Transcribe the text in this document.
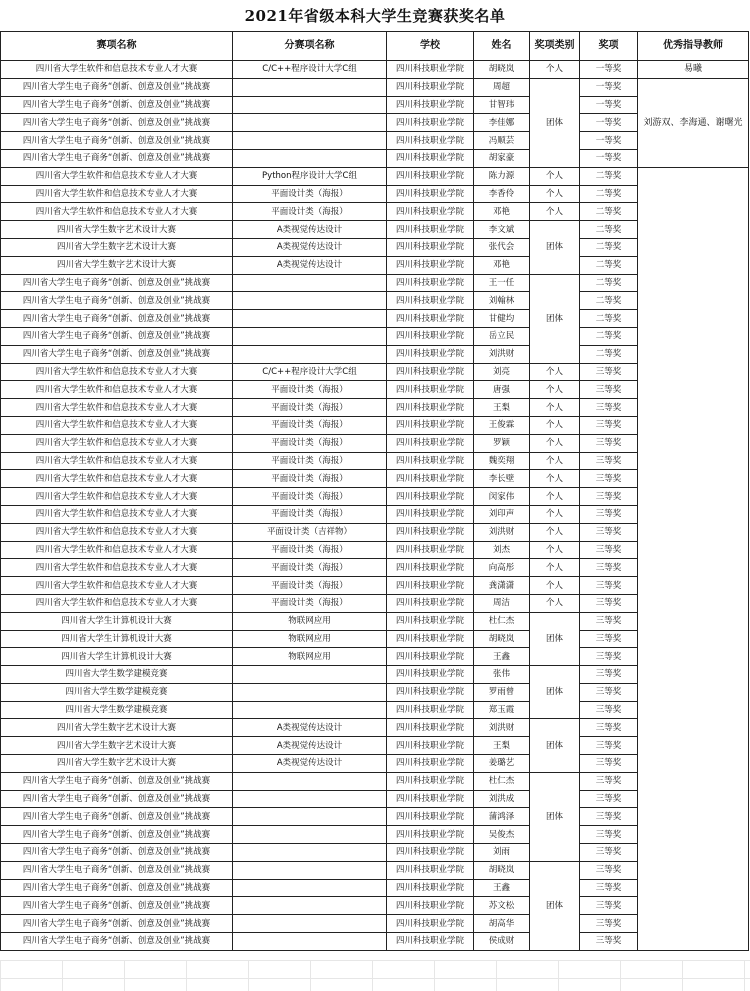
2021年省级本科大学生竞赛获奖名单
赛项名称	分赛项名称	学校	姓名	奖项类别	奖项	优秀指导教师
四川省大学生软件和信息技术专业人才大赛	C/C++程序设计大学C组	四川科技职业学院	胡晓岚	个人	一等奖	易曦
四川省大学生电子商务“创新、创意及创业”挑战赛		四川科技职业学院	周超	团体	一等奖	刘游双、李海通、谢曙光
四川省大学生电子商务“创新、创意及创业”挑战赛		四川科技职业学院	甘智玮		一等奖	
四川省大学生电子商务“创新、创意及创业”挑战赛		四川科技职业学院	李佳娜		一等奖	
四川省大学生电子商务“创新、创意及创业”挑战赛		四川科技职业学院	冯顺芸		一等奖	
四川省大学生电子商务“创新、创意及创业”挑战赛		四川科技职业学院	胡家豪		一等奖	
四川省大学生软件和信息技术专业人才大赛	Python程序设计大学C组	四川科技职业学院	陈力源	个人	二等奖	
四川省大学生软件和信息技术专业人才大赛	平面设计类（海报）	四川科技职业学院	李香伶	个人	二等奖	
四川省大学生软件和信息技术专业人才大赛	平面设计类（海报）	四川科技职业学院	邓艳	个人	二等奖	
四川省大学生数字艺术设计大赛	A类视觉传达设计	四川科技职业学院	李文斌	团体	二等奖	
四川省大学生数字艺术设计大赛	A类视觉传达设计	四川科技职业学院	张代会		二等奖	
四川省大学生数字艺术设计大赛	A类视觉传达设计	四川科技职业学院	邓艳		二等奖	
四川省大学生电子商务“创新、创意及创业”挑战赛		四川科技职业学院	王一任	团体	二等奖	
四川省大学生电子商务“创新、创意及创业”挑战赛		四川科技职业学院	刘翰林		二等奖	
四川省大学生电子商务“创新、创意及创业”挑战赛		四川科技职业学院	甘健均		二等奖	
四川省大学生电子商务“创新、创意及创业”挑战赛		四川科技职业学院	岳立民		二等奖	
四川省大学生电子商务“创新、创意及创业”挑战赛		四川科技职业学院	刘洪财		二等奖	
四川省大学生软件和信息技术专业人才大赛	C/C++程序设计大学C组	四川科技职业学院	刘亮	个人	三等奖	
四川省大学生软件和信息技术专业人才大赛	平面设计类（海报）	四川科技职业学院	唐强	个人	三等奖	
四川省大学生软件和信息技术专业人才大赛	平面设计类（海报）	四川科技职业学院	王梨	个人	三等奖	
四川省大学生软件和信息技术专业人才大赛	平面设计类（海报）	四川科技职业学院	王俊霖	个人	三等奖	
四川省大学生软件和信息技术专业人才大赛	平面设计类（海报）	四川科技职业学院	罗颖	个人	三等奖	
四川省大学生软件和信息技术专业人才大赛	平面设计类（海报）	四川科技职业学院	魏奕翔	个人	三等奖	
四川省大学生软件和信息技术专业人才大赛	平面设计类（海报）	四川科技职业学院	李长壁	个人	三等奖	
四川省大学生软件和信息技术专业人才大赛	平面设计类（海报）	四川科技职业学院	闵家伟	个人	三等奖	
四川省大学生软件和信息技术专业人才大赛	平面设计类（海报）	四川科技职业学院	刘印声	个人	三等奖	
四川省大学生软件和信息技术专业人才大赛	平面设计类（吉祥物）	四川科技职业学院	刘洪财	个人	三等奖	
四川省大学生软件和信息技术专业人才大赛	平面设计类（海报）	四川科技职业学院	刘杰	个人	三等奖	
四川省大学生软件和信息技术专业人才大赛	平面设计类（海报）	四川科技职业学院	向高彤	个人	三等奖	
四川省大学生软件和信息技术专业人才大赛	平面设计类（海报）	四川科技职业学院	龚潇潇	个人	三等奖	
四川省大学生软件和信息技术专业人才大赛	平面设计类（海报）	四川科技职业学院	周洁	个人	三等奖	
四川省大学生计算机设计大赛	物联网应用	四川科技职业学院	杜仁杰	团体	三等奖	
四川省大学生计算机设计大赛	物联网应用	四川科技职业学院	胡晓岚		三等奖	
四川省大学生计算机设计大赛	物联网应用	四川科技职业学院	王鑫		三等奖	
四川省大学生数学建模竞赛		四川科技职业学院	张伟	团体	三等奖	
四川省大学生数学建模竞赛		四川科技职业学院	罗雨曾		三等奖	
四川省大学生数学建模竞赛		四川科技职业学院	郑玉霞		三等奖	
四川省大学生数字艺术设计大赛	A类视觉传达设计	四川科技职业学院	刘洪财	团体	三等奖	
四川省大学生数字艺术设计大赛	A类视觉传达设计	四川科技职业学院	王梨		三等奖	
四川省大学生数字艺术设计大赛	A类视觉传达设计	四川科技职业学院	姜璐艺		三等奖	
四川省大学生电子商务“创新、创意及创业”挑战赛		四川科技职业学院	杜仁杰	团体	三等奖	
四川省大学生电子商务“创新、创意及创业”挑战赛		四川科技职业学院	刘洪成		三等奖	
四川省大学生电子商务“创新、创意及创业”挑战赛		四川科技职业学院	蒲鸿泽		三等奖	
四川省大学生电子商务“创新、创意及创业”挑战赛		四川科技职业学院	吴俊杰		三等奖	
四川省大学生电子商务“创新、创意及创业”挑战赛		四川科技职业学院	刘雨		三等奖	
四川省大学生电子商务“创新、创意及创业”挑战赛		四川科技职业学院	胡晓岚	团体	三等奖	
四川省大学生电子商务“创新、创意及创业”挑战赛		四川科技职业学院	王鑫		三等奖	
四川省大学生电子商务“创新、创意及创业”挑战赛		四川科技职业学院	苏文松		三等奖	
四川省大学生电子商务“创新、创意及创业”挑战赛		四川科技职业学院	胡高华		三等奖	
四川省大学生电子商务“创新、创意及创业”挑战赛		四川科技职业学院	侯成财		三等奖	
